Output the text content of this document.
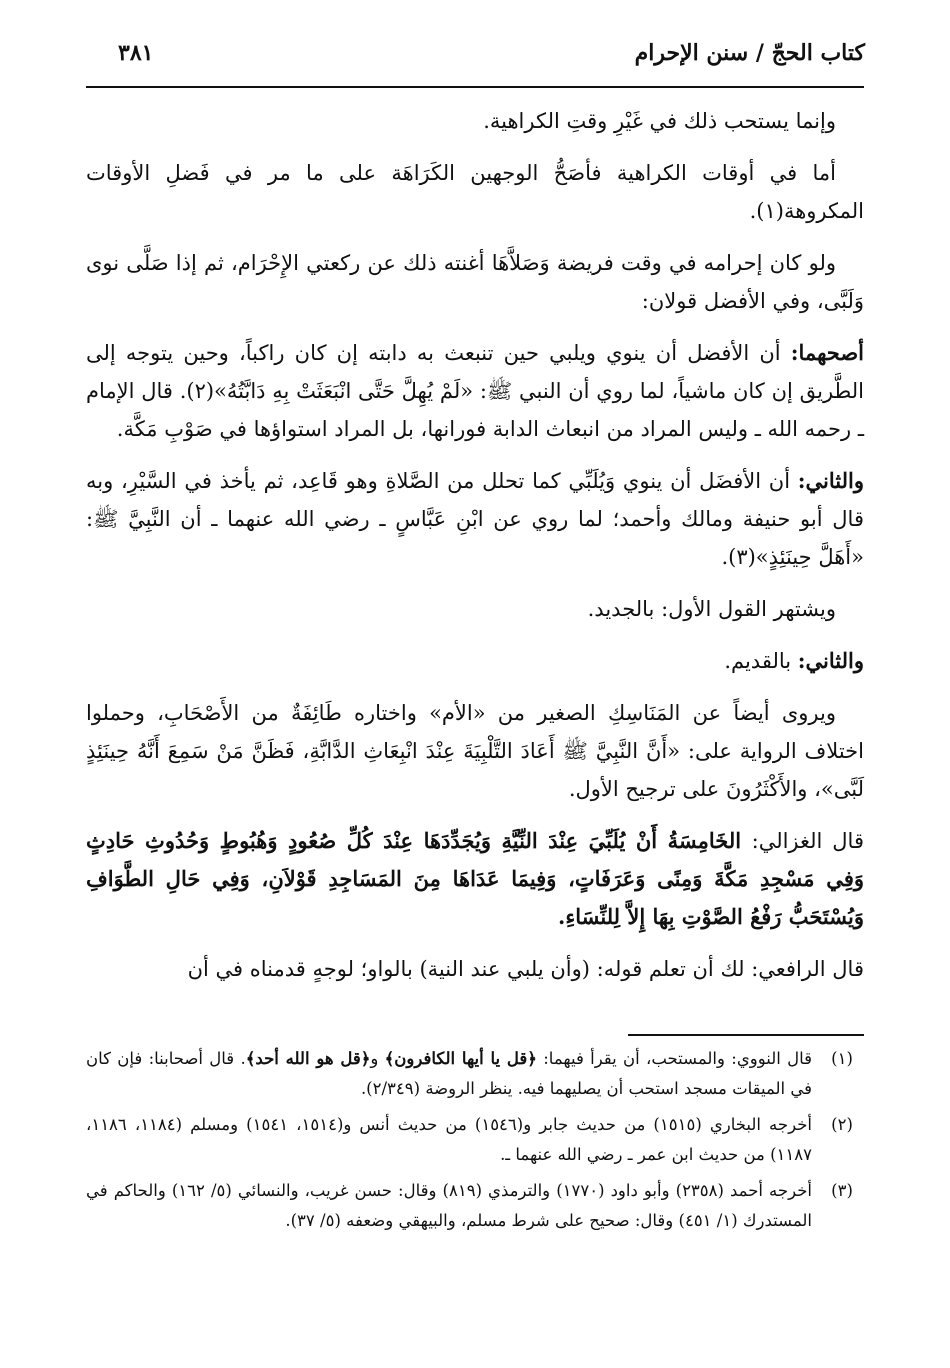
كتاب الحجّ / سنن الإحرام
٣٨١

وإنما يستحب ذلك في غَيْرِ وقتِ الكراهية.

أما في أوقات الكراهية فأصَحُّ الوجهين الكَرَاهَة على ما مر في فَضلِ الأوقات المكروهة(١).

ولو كان إحرامه في وقت فريضة وَصَلاَّهَا أغنته ذلك عن ركعتي الإِحْرَام، ثم إذا صَلَّى نوى وَلَبَّى، وفي الأفضل قولان:

أصحهما: أن الأفضل أن ينوي ويلبي حين تنبعث به دابته إن كان راكباً، وحين يتوجه إلى الطَّريق إن كان ماشياً، لما روي أن النبي ﷺ: «لَمْ يُهِلَّ حَتَّى انْبَعَثَتْ بِهِ دَابَّتُهُ»(٢). قال الإمام ـ رحمه الله ـ وليس المراد من انبعاث الدابة فورانها، بل المراد استواؤها في صَوْبِ مَكَّة.

والثاني: أن الأفضَل أن ينوي وَيُلَبِّي كما تحلل من الصَّلاةِ وهو قَاعِد، ثم يأخذ في السَّيْرِ، وبه قال أبو حنيفة ومالك وأحمد؛ لما روي عن ابْنِ عَبَّاسٍ ـ رضي الله عنهما ـ أن النَّبِيَّ ﷺ: «أَهَلَّ حِينَئِذٍ»(٣).

ويشتهر القول الأول: بالجديد.

والثاني: بالقديم.

ويروى أيضاً عن المَنَاسِكِ الصغير من «الأم» واختاره طَائِفَةٌ من الأَصْحَابِ، وحملوا اختلاف الرواية على: «أَنَّ النَّبِيَّ ﷺ أَعَادَ التَّلْبِيَةَ عِنْدَ انْبِعَاثِ الدَّابَّةِ، فَظَنَّ مَنْ سَمِعَ أَنَّهُ حِينَئِذٍ لَبَّى»، والأَكْثَرُونَ على ترجيح الأول.

قال الغزالي: الخَامِسَةُ أَنْ يُلَبِّيَ عِنْدَ النِّيَّةِ وَيُجَدِّدَهَا عِنْدَ كُلِّ صُعُودٍ وَهُبُوطٍ وَحُدُوثِ حَادِثٍ وَفِي مَسْجِدِ مَكَّةَ وَمِنًى وَعَرَفَاتٍ، وَفِيمَا عَدَاهَا مِنَ المَسَاجِدِ قَوْلاَنِ، وَفِي حَالِ الطَّوَافِ وَيُسْتَحَبُّ رَفْعُ الصَّوْتِ بِهَا إِلاَّ لِلنِّسَاءِ.

قال الرافعي: لك أن تعلم قوله: (وأن يلبي عند النية) بالواو؛ لوجهٍ قدمناه في أن

(١)
قال النووي: والمستحب، أن يقرأ فيهما: ﴿قل يا أيها الكافرون﴾ و﴿قل هو الله أحد﴾. قال أصحابنا: فإن كان في الميقات مسجد استحب أن يصليهما فيه. ينظر الروضة (٢/٣٤٩).
(٢)
أخرجه البخاري (١٥١٥) من حديث جابر و(١٥٤٦) من حديث أنس و(١٥١٤، ١٥٤١) ومسلم (١١٨٤، ١١٨٦، ١١٨٧) من حديث ابن عمر ـ رضي الله عنهما ـ.
(٣)
أخرجه أحمد (٢٣٥٨) وأبو داود (١٧٧٠) والترمذي (٨١٩) وقال: حسن غريب، والنسائي (٥/ ١٦٢) والحاكم في المستدرك (١/ ٤٥١) وقال: صحيح على شرط مسلم، والبيهقي وضعفه (٥/ ٣٧).
